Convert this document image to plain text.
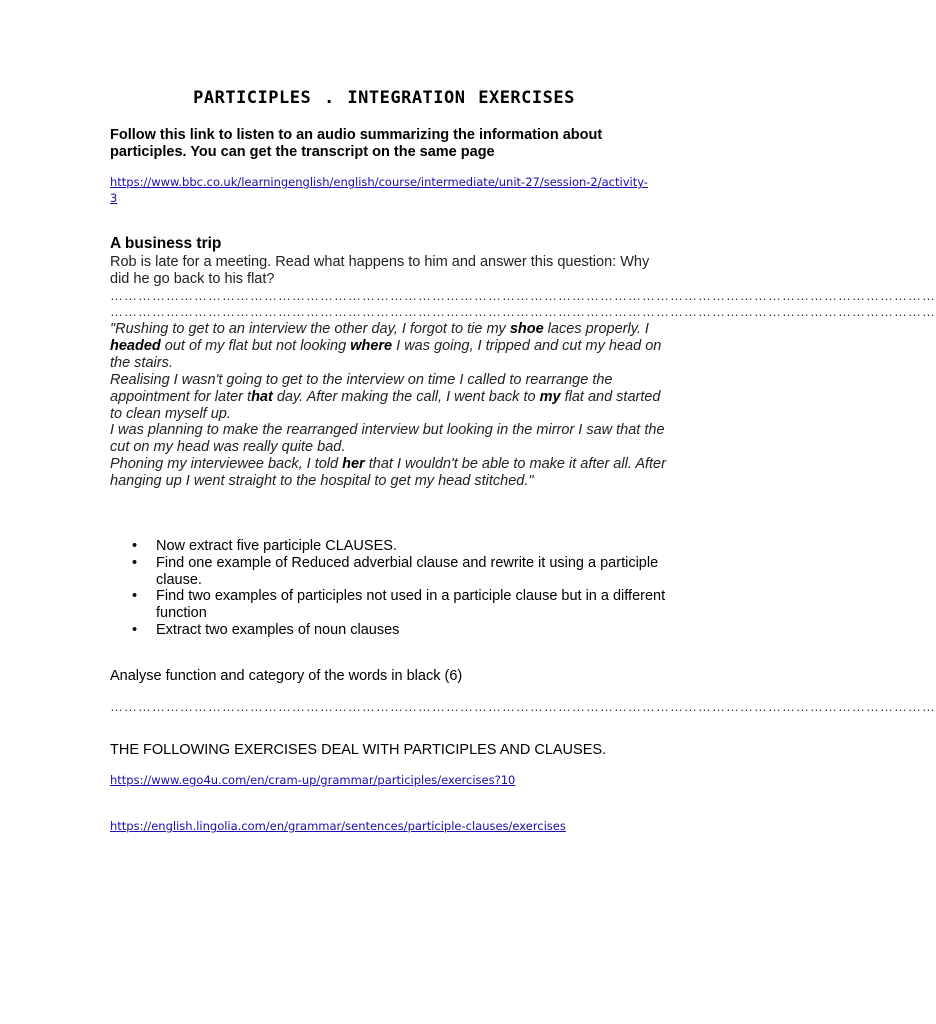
PARTICIPLES . INTEGRATION EXERCISES
Follow this link to listen to an audio summarizing the information about participles. You can get the transcript on the same page
https://www.bbc.co.uk/learningenglish/english/course/intermediate/unit-27/session-2/activity-3
A business trip
Rob is late for a meeting. Read what happens to him and answer this question: Why did he go back to his flat?
……………………………………………………………………………………………………………………………………………………………
……………………………………………………………………………………………………………………………………………………………
"Rushing to get to an interview the other day, I forgot to tie my shoe laces properly. I headed out of my flat but not looking where I was going, I tripped and cut my head on the stairs.
Realising I wasn't going to get to the interview on time I called to rearrange the appointment for later that day. After making the call, I went back to my flat and started to clean myself up.
I was planning to make the rearranged interview but looking in the mirror I saw that the cut on my head was really quite bad.
Phoning my interviewee back, I told her that I wouldn't be able to make it after all. After hanging up I went straight to the hospital to get my head stitched."
• Now extract five participle CLAUSES.
• Find one example of Reduced adverbial clause and rewrite it using a participle clause.
• Find two examples of participles not used in a participle clause but in a different function
• Extract two examples of noun clauses
Analyse function and category of the words in black (6)
……………………………………………………………………………………………………………………………………………………………
THE FOLLOWING EXERCISES DEAL WITH PARTICIPLES AND CLAUSES.
https://www.ego4u.com/en/cram-up/grammar/participles/exercises?10
https://english.lingolia.com/en/grammar/sentences/participle-clauses/exercises
